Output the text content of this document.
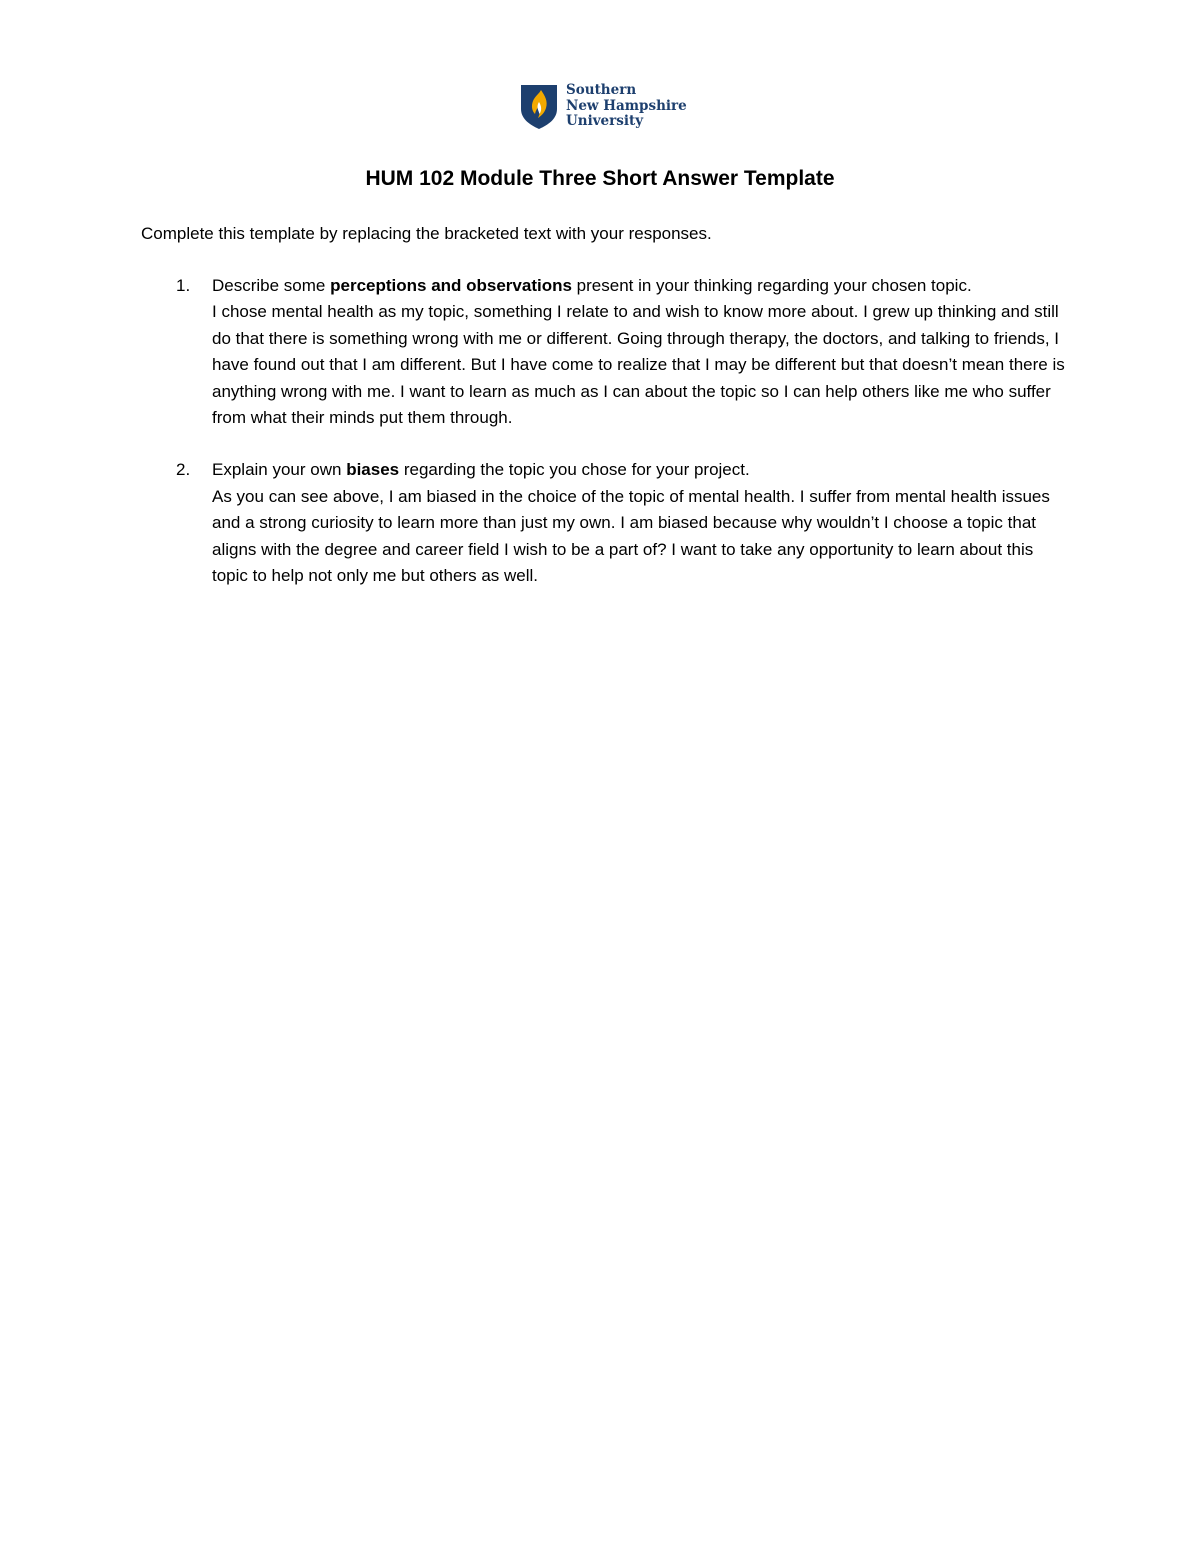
Southern
New Hampshire
University
HUM 102 Module Three Short Answer Template

Complete this template by replacing the bracketed text with your responses.

1. Describe some perceptions and observations present in your thinking regarding your chosen topic.
I chose mental health as my topic, something I relate to and wish to know more about. I grew up thinking and still do that there is something wrong with me or different. Going through therapy, the doctors, and talking to friends, I have found out that I am different. But I have come to realize that I may be different but that doesn’t mean there is anything wrong with me. I want to learn as much as I can about the topic so I can help others like me who suffer from what their minds put them through.
2. Explain your own biases regarding the topic you chose for your project.
As you can see above, I am biased in the choice of the topic of mental health. I suffer from mental health issues and a strong curiosity to learn more than just my own. I am biased because why wouldn’t I choose a topic that aligns with the degree and career field I wish to be a part of? I want to take any opportunity to learn about this topic to help not only me but others as well.
